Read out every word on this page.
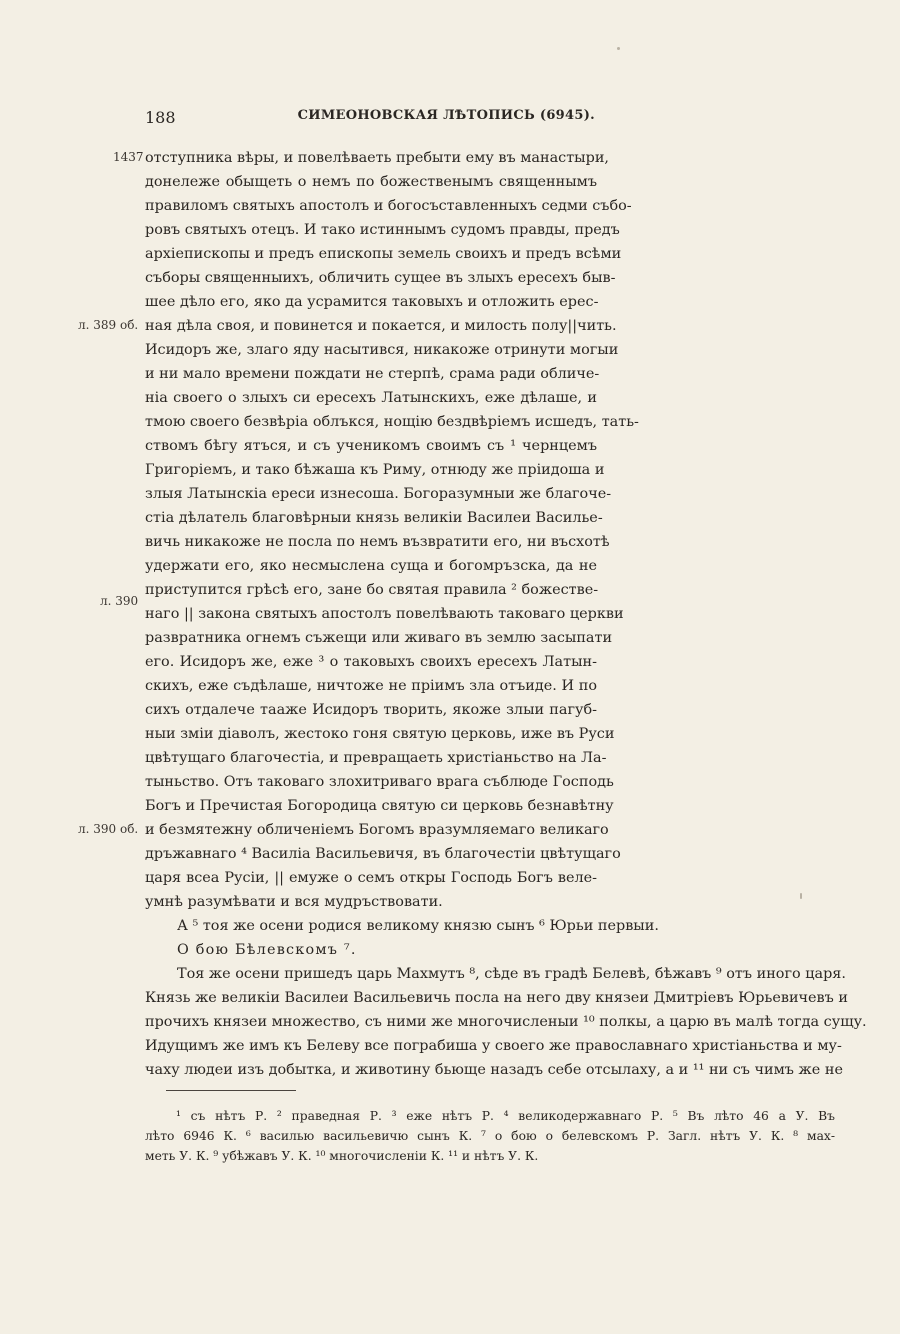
188	СИМЕОНОВСКАЯ ЛѢТОПИСЬ (6945).
1437
л. 389 об.
л. 390
л. 390 об.
отступника вѣры, и повелѣваеть пребыти ему въ манастыри,
донележе обыщеть о немъ по божественымъ священнымъ
правиломъ святыхъ апостолъ и богосъставленныхъ седми събо-
ровъ святыхъ отецъ. И тако истиннымъ судомъ правды, предъ
архіепископы и предъ епископы земель своихъ и предъ всѣми
съборы священныихъ, обличить сущее въ злыхъ ересехъ быв-
шее дѣло его, яко да усрамится таковыхъ и отложить ерес-
ная дѣла своя, и повинется и покается, и милость полу||чить.
Исидоръ же, злаго яду насытився, никакоже отринути могыи
и ни мало времени пождати не стерпѣ, срама ради обличе-
ніа своего о злыхъ си ересехъ Латынскихъ, еже дѣлаше, и
тмою своего безвѣріа облъкся, нощію бездвѣріемъ исшедъ, тать-
ствомъ бѣгу ятъся, и съ ученикомъ своимъ съ ¹ чернцемъ
Григоріемъ, и тако бѣжаша къ Риму, отнюду же пріидоша и
злыя Латынскіа ереси изнесоша. Богоразумныи же благоче-
стіа дѣлатель благовѣрныи князь великіи Василеи Василье-
вичь никакоже не посла по немъ възвратити его, ни въсхотѣ
удержати его, яко несмыслена суща и богомръзска, да не
приступится грѣсѣ его, зане бо святая правила ² божестве-
наго || закона святыхъ апостолъ повелѣвають таковаго церкви
развратника огнемъ съжещи или живаго въ землю засыпати
его. Исидоръ же, еже ³ о таковыхъ своихъ ересехъ Латын-
скихъ, еже съдѣлаше, ничтоже не пріимъ зла отъиде. И по
сихъ отдалече тааже Исидоръ творить, якоже злыи пагуб-
ныи зміи діаволъ, жестоко гоня святую церковь, иже въ Руси
цвѣтущаго благочестіа, и превращаеть христіаньство на Ла-
тыньство. Отъ таковаго злохитриваго врага съблюде Господь
Богъ и Пречистая Богородица святую си церковь безнавѣтну
и безмятежну обличеніемъ Богомъ вразумляемаго великаго
дръжавнаго ⁴ Василіа Васильевичя, въ благочестіи цвѣтущаго
царя всеа Русіи, || емуже о семъ откры Господь Богъ веле-
умнѣ разумѣвати и вся мудръствовати.
А ⁵ тоя же осени родися великому князю сынъ ⁶ Юрьи первыи.
О бою Бѣлевскомъ ⁷.
Тоя же осени пришедъ царь Махмутъ ⁸, сѣде въ градѣ Белевѣ, бѣжавъ ⁹ отъ иного царя.
Князь же великіи Василеи Васильевичь посла на него дву князеи Дмитріевъ Юрьевичевъ и
прочихъ князеи множество, съ ними же многочисленыи ¹⁰ полкы, а царю въ малѣ тогда сущу.
Идущимъ же имъ къ Белеву все пограбиша у своего же православнаго христіаньства и му-
чаху людеи изъ добытка, и животину бьюще назадъ себе отсылаху, а и ¹¹ ни съ чимъ же не
¹ съ нѣтъ Р. ² праведная Р. ³ еже нѣтъ Р. ⁴ великодержавнаго Р. ⁵ Въ лѣто 46 а У. Въ
лѣто 6946 К. ⁶ василью васильевичю сынъ К. ⁷ о бою о белевскомъ Р. Загл. нѣтъ У. К. ⁸ мах-
меть У. К. ⁹ убѣжавъ У. К. ¹⁰ многочисленіи К. ¹¹ и нѣтъ У. К.
